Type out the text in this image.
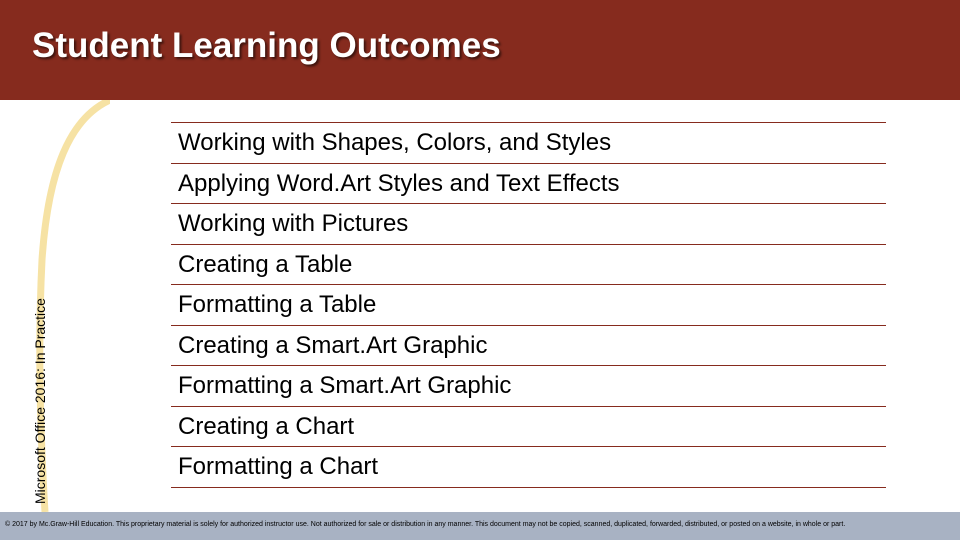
Student Learning Outcomes
Microsoft Office 2016: In Practice
Working with Shapes, Colors, and Styles
Applying Word.Art Styles and Text Effects
Working with Pictures
Creating a Table
Formatting a Table
Creating a Smart.Art Graphic
Formatting a Smart.Art Graphic
Creating a Chart
Formatting a Chart
© 2017 by Mc.Graw-Hill Education. This proprietary material is solely for authorized instructor use. Not authorized for sale or distribution in any manner. This document may not be copied, scanned, duplicated, forwarded, distributed, or posted on a website, in whole or part.
